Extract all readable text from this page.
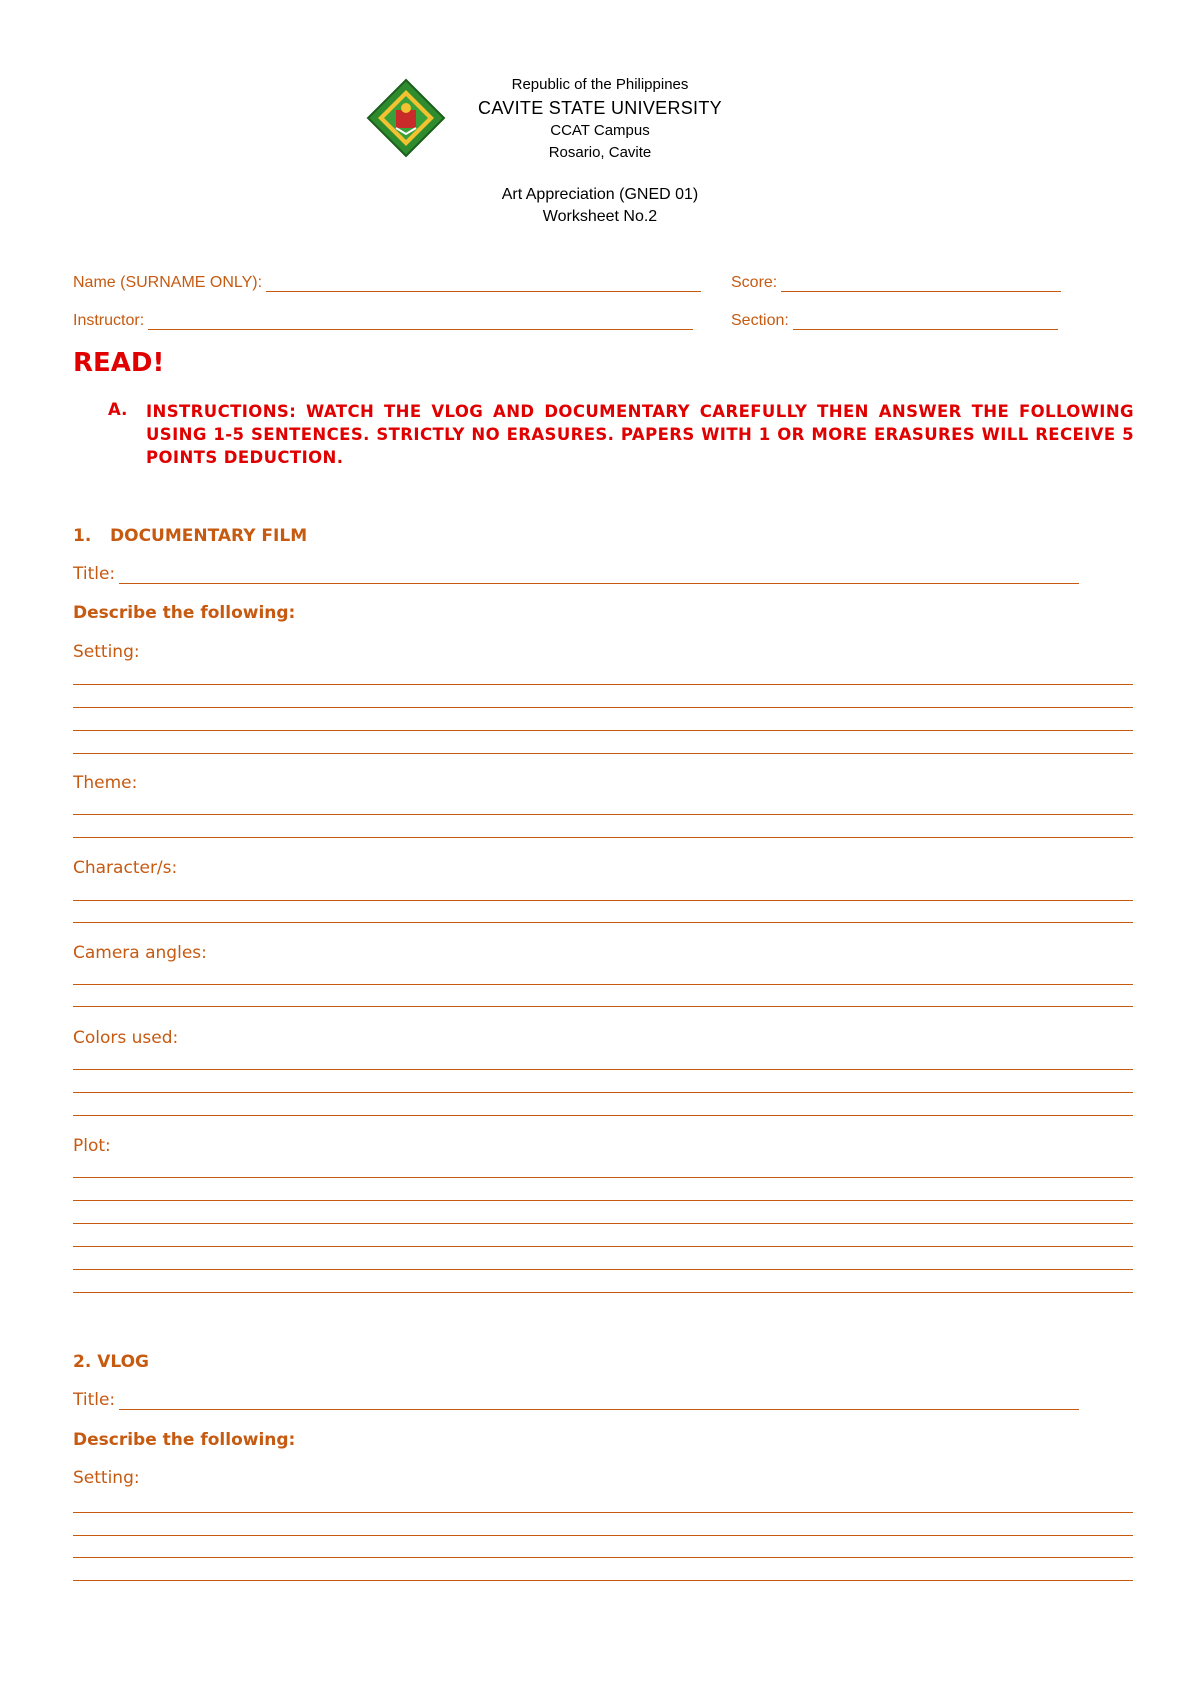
Republic of the Philippines
CAVITE STATE UNIVERSITY
CCAT Campus
Rosario, Cavite
Art Appreciation (GNED 01)
Worksheet No.2
Name (SURNAME ONLY):	Score:
Instructor:	Section:
READ!
A. INSTRUCTIONS: WATCH THE VLOG AND DOCUMENTARY CAREFULLY THEN ANSWER THE FOLLOWING USING 1-5 SENTENCES. STRICTLY NO ERASURES. PAPERS WITH 1 OR MORE ERASURES WILL RECEIVE 5 POINTS DEDUCTION.
1. DOCUMENTARY FILM
Title:
Describe the following:
Setting:
Theme:
Character/s:
Camera angles:
Colors used:
Plot:
2. VLOG
Title:
Describe the following:
Setting:
